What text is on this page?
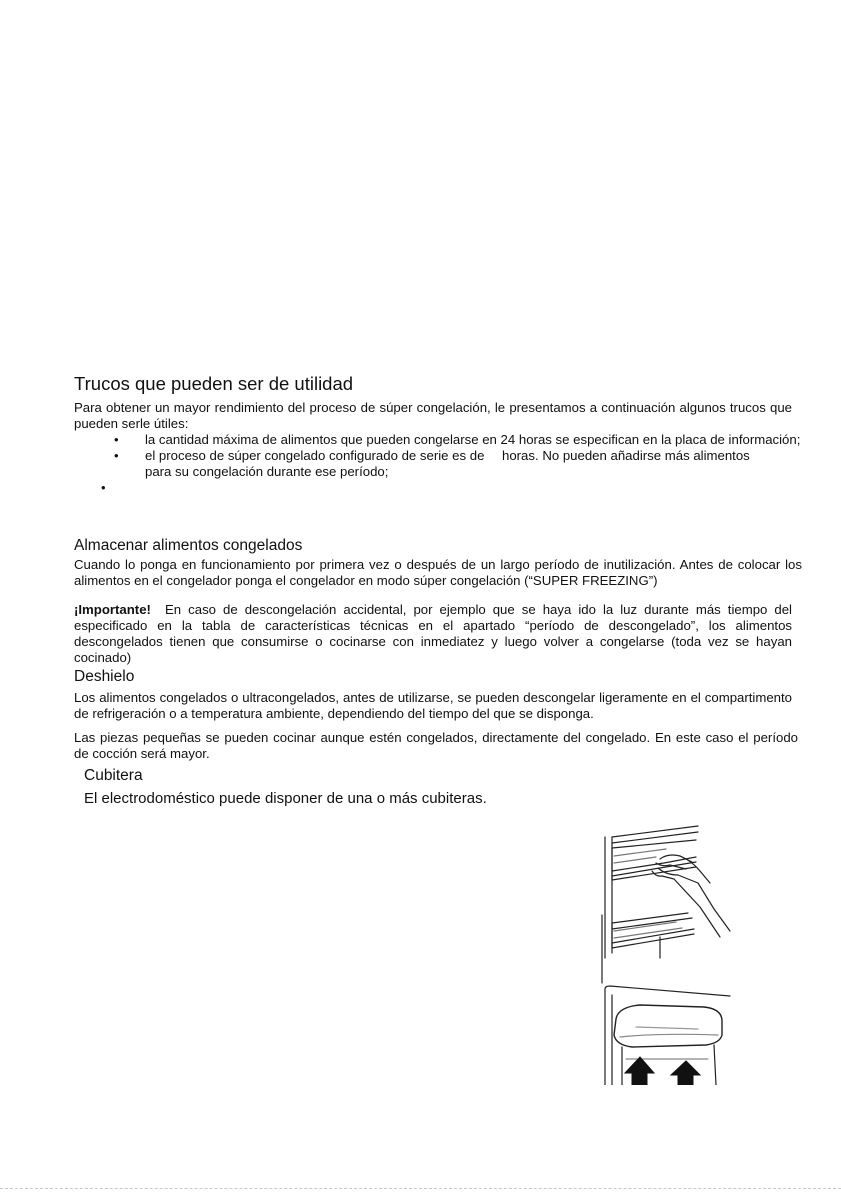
Trucos que pueden ser de utilidad
Para obtener un mayor rendimiento del proceso de súper congelación, le presentamos a continuación algunos trucos que pueden serle útiles:
• la cantidad máxima de alimentos que pueden congelarse en 24 horas se especifican en la placa de información;
• el proceso de súper congelado configurado de serie es de horas. No pueden añadirse más alimentos
para su congelación durante ese período;
•
Almacenar alimentos congelados
Cuando lo ponga en funcionamiento por primera vez o después de un largo período de inutilización. Antes de colocar los alimentos en el congelador ponga el congelador en modo súper congelación (“SUPER FREEZING”)
¡Importante! En caso de descongelación accidental, por ejemplo que se haya ido la luz durante más tiempo del especificado en la tabla de características técnicas en el apartado “período de descongelado”, los alimentos descongelados tienen que consumirse o cocinarse con inmediatez y luego volver a congelarse (toda vez se hayan cocinado)
Deshielo
Los alimentos congelados o ultracongelados, antes de utilizarse, se pueden descongelar ligeramente en el compartimento de refrigeración o a temperatura ambiente, dependiendo del tiempo del que se disponga.
Las piezas pequeñas se pueden cocinar aunque estén congelados, directamente del congelado. En este caso el período de cocción será mayor.
Cubitera
El electrodoméstico puede disponer de una o más cubiteras.
